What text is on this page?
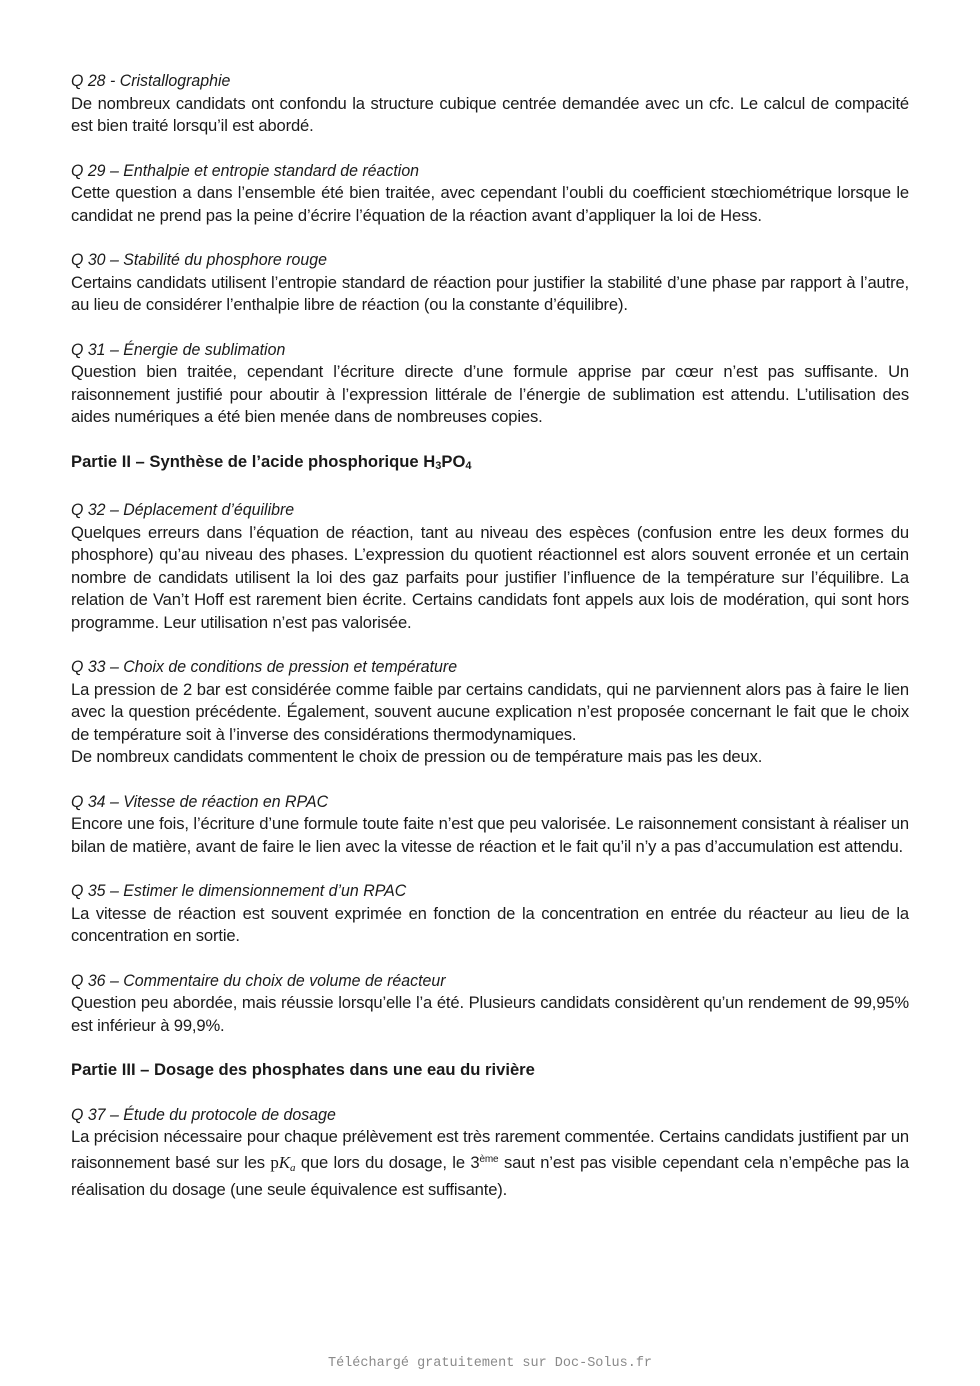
Q 28 - Cristallographie

De nombreux candidats ont confondu la structure cubique centrée demandée avec un cfc. Le calcul de compacité est bien traité lorsqu’il est abordé.

Q 29 – Enthalpie et entropie standard de réaction

Cette question a dans l’ensemble été bien traitée, avec cependant l’oubli du coefficient stœchiométrique lorsque le candidat ne prend pas la peine d’écrire l’équation de la réaction avant d’appliquer la loi de Hess.

Q 30 – Stabilité du phosphore rouge

Certains candidats utilisent l’entropie standard de réaction pour justifier la stabilité d’une phase par rapport à l’autre, au lieu de considérer l’enthalpie libre de réaction (ou la constante d’équilibre).

Q 31 – Énergie de sublimation

Question bien traitée, cependant l’écriture directe d’une formule apprise par cœur n’est pas suffisante. Un raisonnement justifié pour aboutir à l’expression littérale de l’énergie de sublimation est attendu. L’utilisation des aides numériques a été bien menée dans de nombreuses copies.

Partie II – Synthèse de l’acide phosphorique $H_3PO_4$

Q 32 – Déplacement d’équilibre

Quelques erreurs dans l’équation de réaction, tant au niveau des espèces (confusion entre les deux formes du phosphore) qu’au niveau des phases. L’expression du quotient réactionnel est alors souvent erronée et un certain nombre de candidats utilisent la loi des gaz parfaits pour justifier l’influence de la température sur l’équilibre. La relation de Van’t Hoff est rarement bien écrite. Certains candidats font appels aux lois de modération, qui sont hors programme. Leur utilisation n’est pas valorisée.

Q 33 – Choix de conditions de pression et température

La pression de 2 bar est considérée comme faible par certains candidats, qui ne parviennent alors pas à faire le lien avec la question précédente. Également, souvent aucune explication n’est proposée concernant le fait que le choix de température soit à l’inverse des considérations thermodynamiques.

De nombreux candidats commentent le choix de pression ou de température mais pas les deux.

Q 34 – Vitesse de réaction en RPAC

Encore une fois, l’écriture d’une formule toute faite n’est que peu valorisée. Le raisonnement consistant à réaliser un bilan de matière, avant de faire le lien avec la vitesse de réaction et le fait qu’il n’y a pas d’accumulation est attendu.

Q 35 – Estimer le dimensionnement d’un RPAC

La vitesse de réaction est souvent exprimée en fonction de la concentration en entrée du réacteur au lieu de la concentration en sortie.

Q 36 – Commentaire du choix de volume de réacteur

Question peu abordée, mais réussie lorsqu’elle l’a été. Plusieurs candidats considèrent qu’un rendement de 99,95% est inférieur à 99,9%.

Partie III – Dosage des phosphates dans une eau du rivière

Q 37 – Étude du protocole de dosage

La précision nécessaire pour chaque prélèvement est très rarement commentée. Certains candidats justifient par un raisonnement basé sur les $pK_a$ que lors du dosage, le 3ème saut n’est pas visible cependant cela n’empêche pas la réalisation du dosage (une seule équivalence est suffisante).

Téléchargé gratuitement sur Doc-Solus.fr
